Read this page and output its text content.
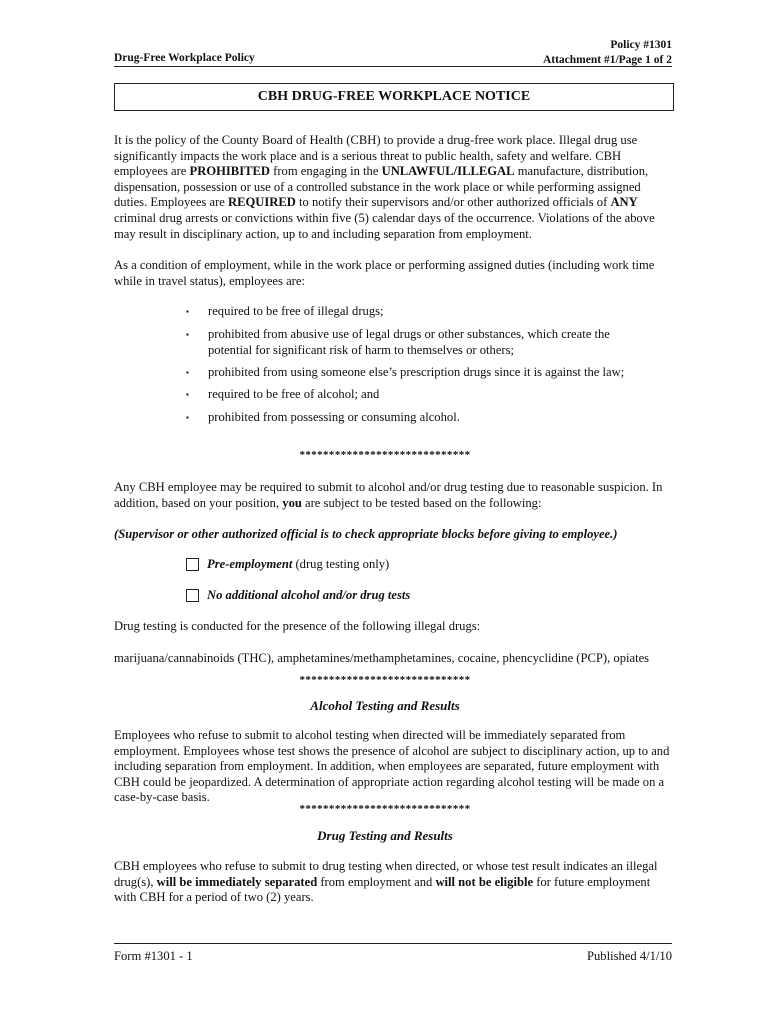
Drug-Free Workplace Policy
Policy #1301
Attachment #1/Page 1 of 2
CBH DRUG-FREE WORKPLACE NOTICE
It is the policy of the County Board of Health (CBH) to provide a drug-free work place. Illegal drug use significantly impacts the work place and is a serious threat to public health, safety and welfare. CBH employees are PROHIBITED from engaging in the UNLAWFUL/ILLEGAL manufacture, distribution, dispensation, possession or use of a controlled substance in the work place or while performing assigned duties. Employees are REQUIRED to notify their supervisors and/or other authorized officials of ANY criminal drug arrests or convictions within five (5) calendar days of the occurrence. Violations of the above may result in disciplinary action, up to and including separation from employment.
As a condition of employment, while in the work place or performing assigned duties (including work time while in travel status), employees are:
▪	required to be free of illegal drugs;
▪	prohibited from abusive use of legal drugs or other substances, which create the potential for significant risk of harm to themselves or others;
▪	prohibited from using someone else’s prescription drugs since it is against the law;
▪	required to be free of alcohol; and
▪	prohibited from possessing or consuming alcohol.
*****************************
Any CBH employee may be required to submit to alcohol and/or drug testing due to reasonable suspicion. In addition, based on your position, you are subject to be tested based on the following:
(Supervisor or other authorized official is to check appropriate blocks before giving to employee.)
Pre-employment (drug testing only)
No additional alcohol and/or drug tests
Drug testing is conducted for the presence of the following illegal drugs:
marijuana/cannabinoids (THC), amphetamines/methamphetamines, cocaine, phencyclidine (PCP), opiates
*****************************
Alcohol Testing and Results
Employees who refuse to submit to alcohol testing when directed will be immediately separated from employment. Employees whose test shows the presence of alcohol are subject to disciplinary action, up to and including separation from employment. In addition, when employees are separated, future employment with CBH could be jeopardized. A determination of appropriate action regarding alcohol testing will be made on a case-by-case basis.
*****************************
Drug Testing and Results
CBH employees who refuse to submit to drug testing when directed, or whose test result indicates an illegal drug(s), will be immediately separated from employment and will not be eligible for future employment with CBH for a period of two (2) years.
Form #1301 - 1	Published 4/1/10
